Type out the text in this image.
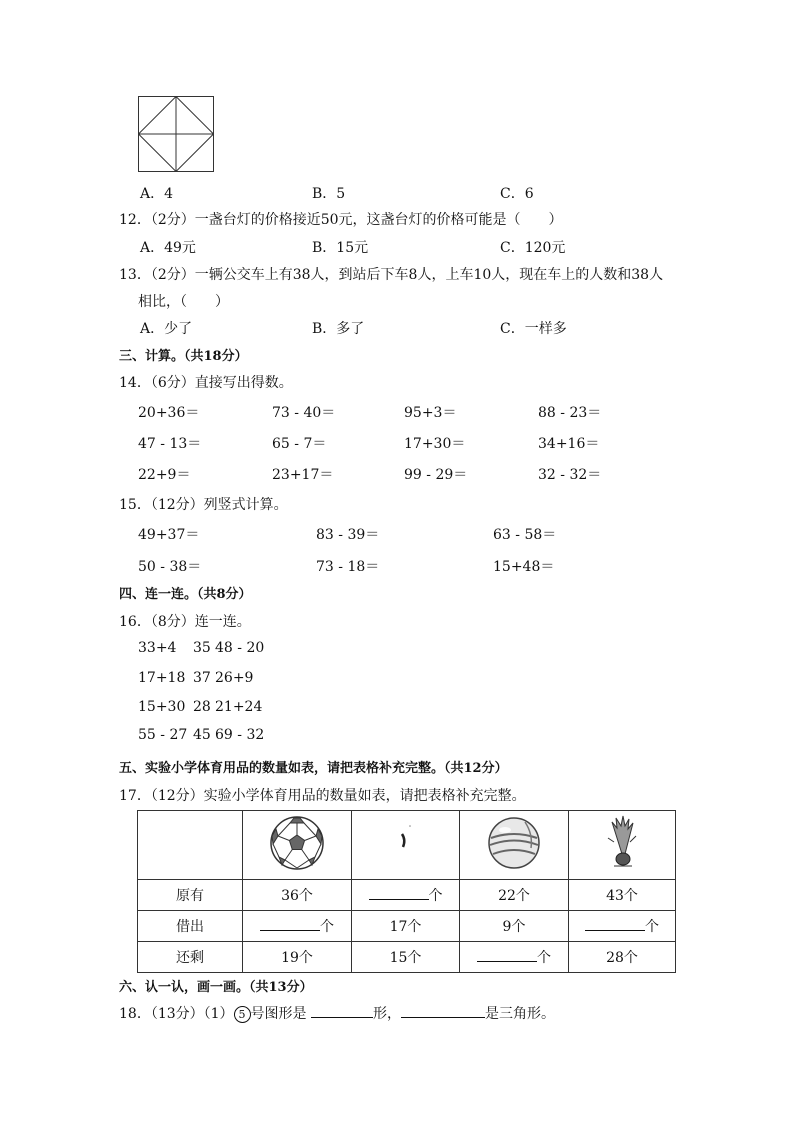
A．4	B．5	C．6
12．（2分）一盏台灯的价格接近50元，这盏台灯的价格可能是（　　）
A．49元	B．15元	C．120元
13．（2分）一辆公交车上有38人，到站后下车8人，上车10人，现在车上的人数和38人
相比，（　　）
A．少了	B．多了	C．一样多
三、计算。（共18分）
14．（6分）直接写出得数。
20+36＝	73 - 40＝	95+3＝	88 - 23＝
47 - 13＝	65 - 7＝	17+30＝	34+16＝
22+9＝	23+17＝	99 - 29＝	32 - 32＝
15．（12分）列竖式计算。
49+37＝	83 - 39＝	63 - 58＝
50 - 38＝	73 - 18＝	15+48＝
四、连一连。（共8分）
16．（8分）连一连。
33+4 35 48 - 20
17+18 37 26+9
15+30 28 21+24
55 - 27 45 69 - 32
五、实验小学体育用品的数量如表，请把表格补充完整。（共12分）
17．（12分）实验小学体育用品的数量如表，请把表格补充完整。

原有	36个	个	22个	43个
借出	个	17个	9个	个
还剩	19个	15个	个	28个
六、认一认，画一画。（共13分）
18．（13分）（1） 5 号图形是	形，	是三角形。
